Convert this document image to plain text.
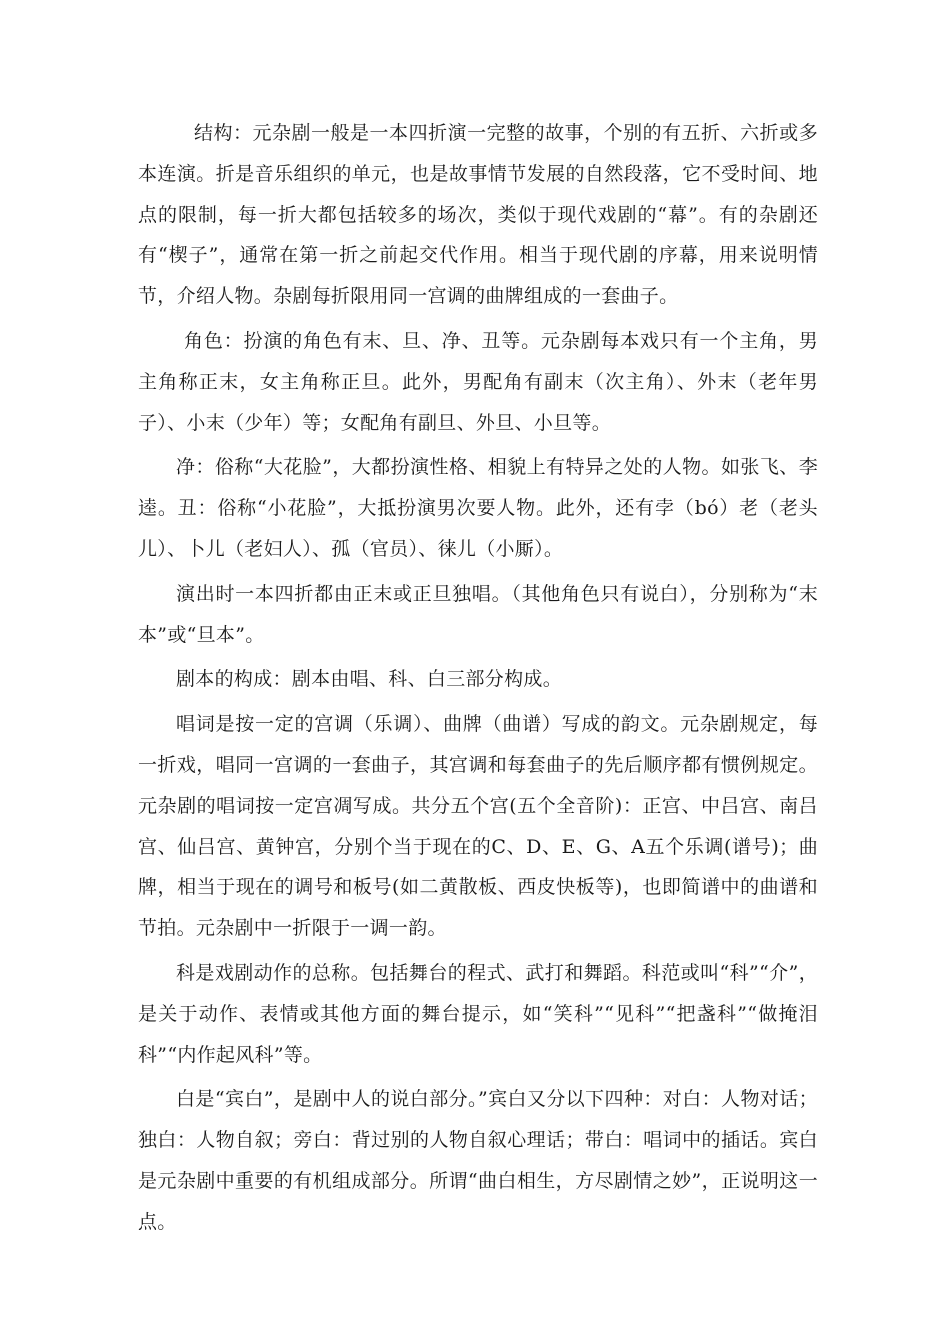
结构：元杂剧一般是一本四折演一完整的故事，个别的有五折、六折或多本连演。折是音乐组织的单元，也是故事情节发展的自然段落，它不受时间、地点的限制，每一折大都包括较多的场次，类似于现代戏剧的“幕”。有的杂剧还有“楔子”，通常在第一折之前起交代作用。相当于现代剧的序幕，用来说明情节，介绍人物。杂剧每折限用同一宫调的曲牌组成的一套曲子。

角色：扮演的角色有末、旦、净、丑等。元杂剧每本戏只有一个主角，男主角称正末，女主角称正旦。此外，男配角有副末（次主角）、外末（老年男子）、小末（少年）等；女配角有副旦、外旦、小旦等。

净：俗称“大花脸”，大都扮演性格、相貌上有特异之处的人物。如张飞、李逵。丑：俗称“小花脸”，大抵扮演男次要人物。此外，还有孛（bó）老（老头儿）、卜儿（老妇人）、孤（官员）、徕儿（小厮）。

演出时一本四折都由正末或正旦独唱。（其他角色只有说白），分别称为“末本”或“旦本”。

剧本的构成：剧本由唱、科、白三部分构成。

唱词是按一定的宫调（乐调）、曲牌（曲谱）写成的韵文。元杂剧规定，每一折戏，唱同一宫调的一套曲子，其宫调和每套曲子的先后顺序都有惯例规定。元杂剧的唱词按一定宫凋写成。共分五个宫(五个全音阶)：正宫、中吕宫、南吕宫、仙吕宫、黄钟宫，分别个当于现在的C、D、E、G、A五个乐调(谱号)；曲牌，相当于现在的调号和板号(如二黄散板、西皮快板等)，也即简谱中的曲谱和节拍。元杂剧中一折限于一调一韵。

科是戏剧动作的总称。包括舞台的程式、武打和舞蹈。科范或叫“科”“介”，是关于动作、表情或其他方面的舞台提示，如“笑科”“见科”“把盏科”“做掩泪科”“内作起风科”等。

白是“宾白”，是剧中人的说白部分。”宾白又分以下四种：对白：人物对话；独白：人物自叙；旁白：背过别的人物自叙心理话；带白：唱词中的插话。宾白是元杂剧中重要的有机组成部分。所谓“曲白相生，方尽剧情之妙”，正说明这一点。
